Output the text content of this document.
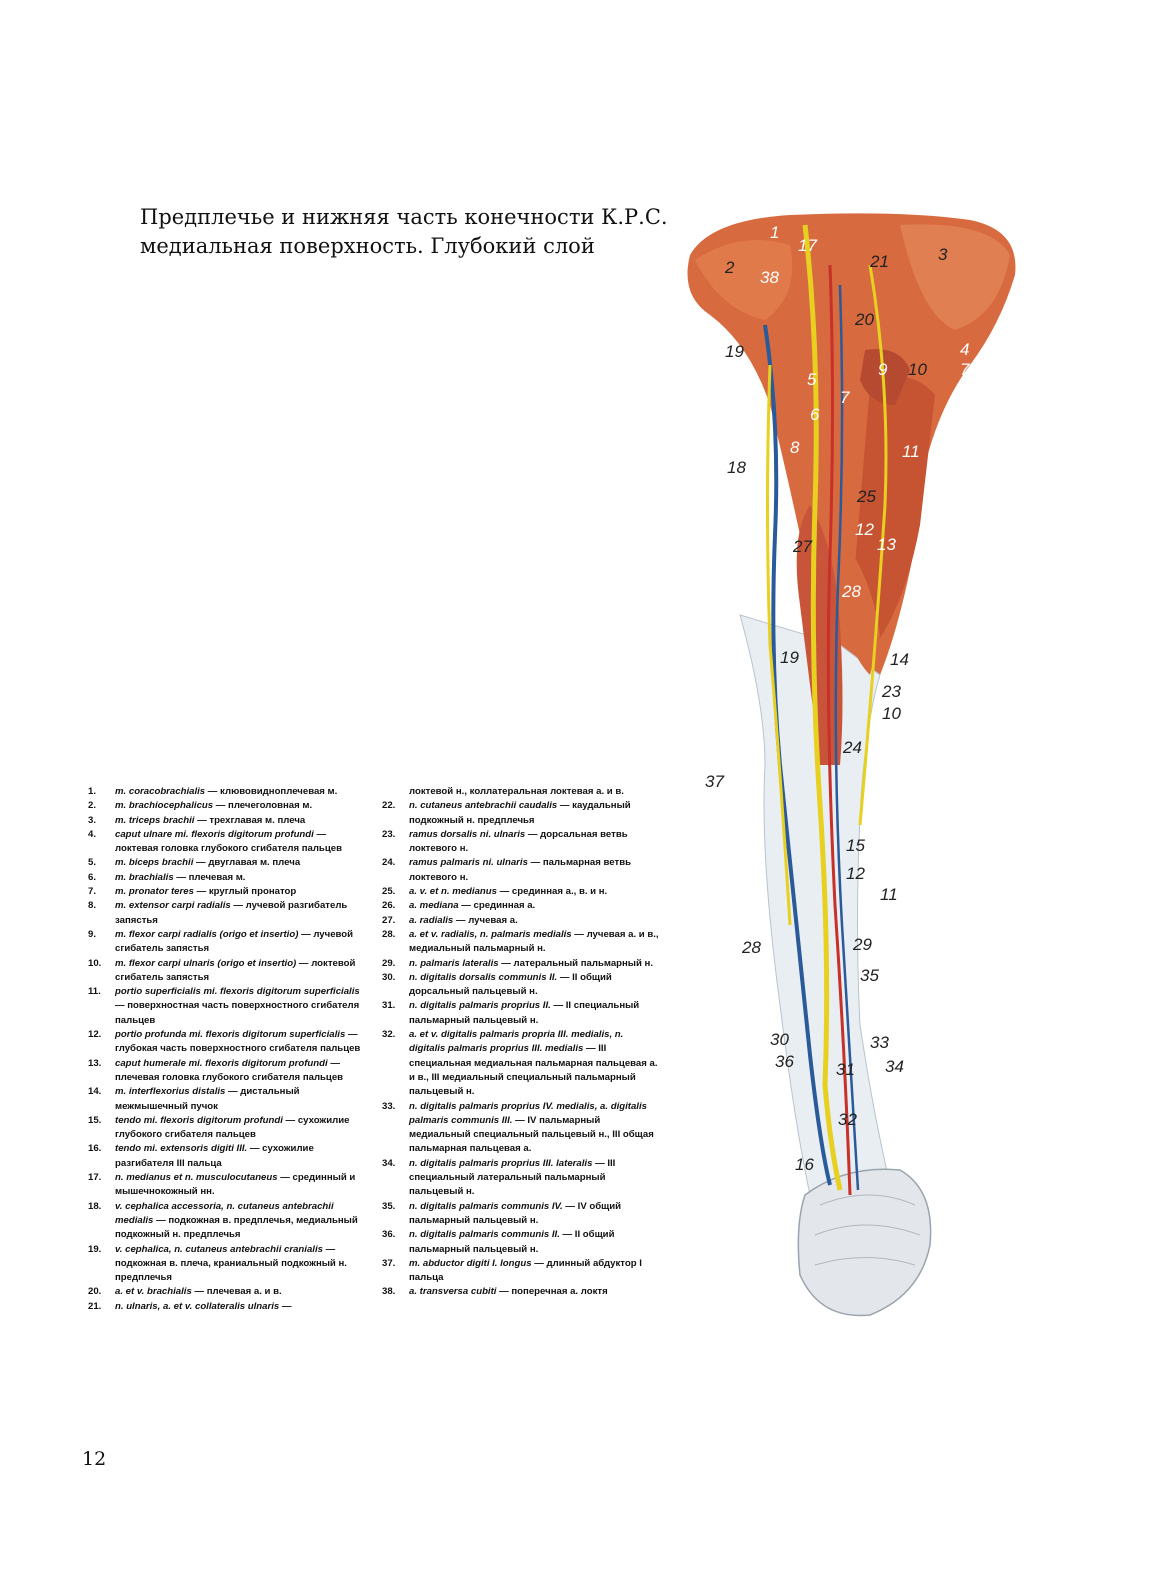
Предплечье и нижняя часть конечности К.Р.С.
медиальная поверхность. Глубокий слой
1
2
3
17
38
21
20
19
9 10
4
7
5
7
6
8	11
18
25
12
13
27
28
19	14
23
10
24
37
15
12
11
28	29
35
30	33
36 31 34
32
16
1.	m. coracobrachialis — клювовидноплечевая м.
2.	m. brachiocephalicus — плечеголовная м.
3.	m. triceps brachii — трехглавая м. плеча
4.	caput ulnare mi. flexoris digitorum profundi — локтевая головка глубокого сгибателя пальцев
5.	m. biceps brachii — двуглавая м. плеча
6.	m. brachialis — плечевая м.
7.	m. pronator teres — круглый пронатор
8.	m. extensor carpi radialis — лучевой разгибатель запястья
9.	m. flexor carpi radialis (origo et insertio) — лучевой сгибатель запястья
10.	m. flexor carpi ulnaris (origo et insertio) — локтевой сгибатель запястья
11.	portio superficialis mi. flexoris digitorum superficialis — поверхностная часть поверхностного сгибателя пальцев
12.	portio profunda mi. flexoris digitorum superficialis — глубокая часть поверхностного сгибателя пальцев
13.	caput humerale mi. flexoris digitorum profundi — плечевая головка глубокого сгибателя пальцев
14.	m. interflexorius distalis — дистальный межмышечный пучок
15.	tendo mi. flexoris digitorum profundi — сухожилие глубокого сгибателя пальцев
16.	tendo mi. extensoris digiti III. — сухожилие разгибателя III пальца
17.	n. medianus et n. musculocutaneus — срединный и мышечнокожный нн.
18.	v. cephalica accessoria, n. cutaneus antebrachii medialis — подкожная в. предплечья, медиальный подкожный н. предплечья
19.	v. cephalica, n. cutaneus antebrachii cranialis — подкожная в. плеча, краниальный подкожный н. предплечья
20.	a. et v. brachialis — плечевая а. и в.
21.	n. ulnaris, a. et v. collateralis ulnaris —
локтевой н., коллатеральная локтевая а. и в.
22.	n. cutaneus antebrachii caudalis — каудальный подкожный н. предплечья
23.	ramus dorsalis ni. ulnaris — дорсальная ветвь локтевого н.
24.	ramus palmaris ni. ulnaris — пальмарная ветвь локтевого н.
25.	a. v. et n. medianus — срединная а., в. и н.
26.	a. mediana — срединная а.
27.	a. radialis — лучевая а.
28.	a. et v. radialis, n. palmaris medialis — лучевая а. и в., медиальный пальмарный н.
29.	n. palmaris lateralis — латеральный пальмарный н.
30.	n. digitalis dorsalis communis II. — II общий дорсальный пальцевый н.
31.	n. digitalis palmaris proprius II. — II специальный пальмарный пальцевый н.
32.	a. et v. digitalis palmaris propria III. medialis, n. digitalis palmaris proprius III. medialis — III специальная медиальная пальмарная пальцевая а. и в., III медиальный специальный пальмарный пальцевый н.
33.	n. digitalis palmaris proprius IV. medialis, a. digitalis palmaris communis III. — IV пальмарный медиальный специальный пальцевый н., III общая пальмарная пальцевая а.
34.	n. digitalis palmaris proprius III. lateralis — III специальный латеральный пальмарный пальцевый н.
35.	n. digitalis palmaris communis IV. — IV общий пальмарный пальцевый н.
36.	n. digitalis palmaris communis II. — II общий пальмарный пальцевый н.
37.	m. abductor digiti I. longus — длинный абдуктор I пальца
38.	a. transversa cubiti — поперечная а. локтя
12
